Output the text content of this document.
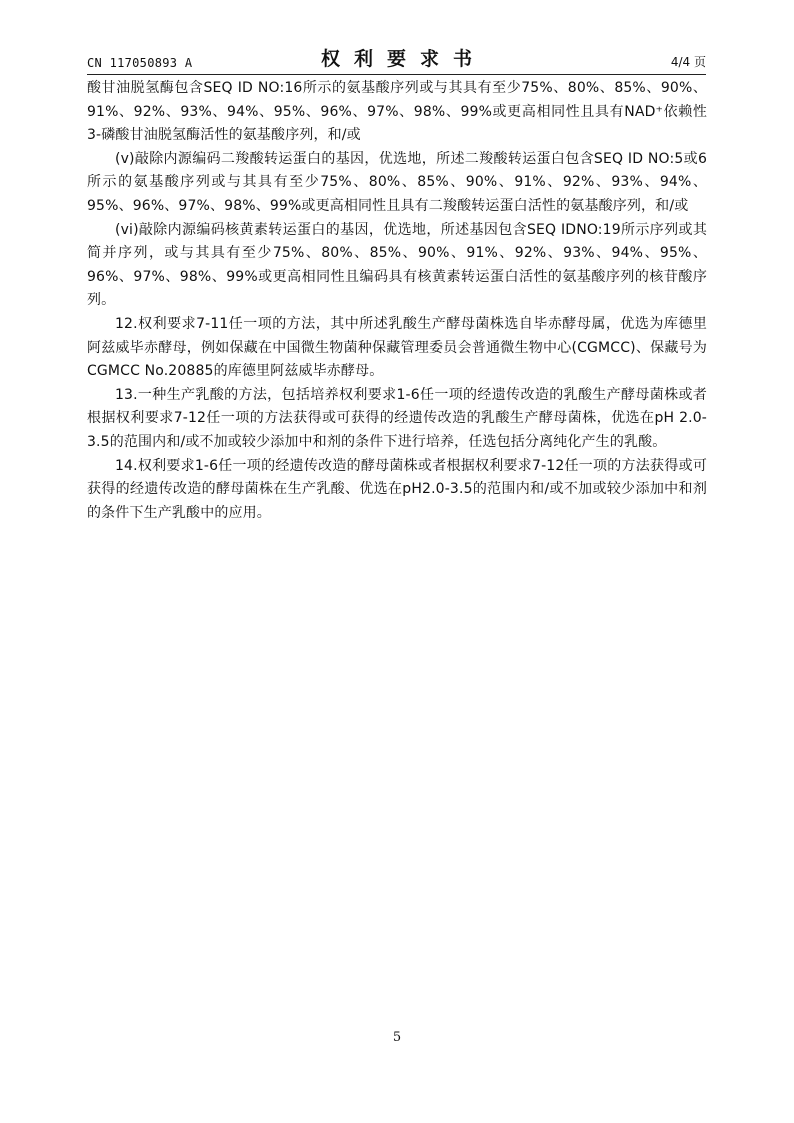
CN 117050893 A	权利要求书	4/4 页

酸甘油脱氢酶包含SEQ ID NO:16所示的氨基酸序列或与其具有至少75%、80%、85%、90%、91%、92%、93%、94%、95%、96%、97%、98%、99%或更高相同性且具有NAD⁺依赖性3-磷酸甘油脱氢酶活性的氨基酸序列，和/或

(v)敲除内源编码二羧酸转运蛋白的基因，优选地，所述二羧酸转运蛋白包含SEQ ID NO:5或6所示的氨基酸序列或与其具有至少75%、80%、85%、90%、91%、92%、93%、94%、95%、96%、97%、98%、99%或更高相同性且具有二羧酸转运蛋白活性的氨基酸序列，和/或

(vi)敲除内源编码核黄素转运蛋白的基因，优选地，所述基因包含SEQ IDNO:19所示序列或其简并序列，或与其具有至少75%、80%、85%、90%、91%、92%、93%、94%、95%、96%、97%、98%、99%或更高相同性且编码具有核黄素转运蛋白活性的氨基酸序列的核苷酸序列。

12.权利要求7-11任一项的方法，其中所述乳酸生产酵母菌株选自毕赤酵母属，优选为库德里阿兹威毕赤酵母，例如保藏在中国微生物菌种保藏管理委员会普通微生物中心(CGMCC)、保藏号为CGMCC No.20885的库德里阿兹威毕赤酵母。

13.一种生产乳酸的方法，包括培养权利要求1-6任一项的经遗传改造的乳酸生产酵母菌株或者根据权利要求7-12任一项的方法获得或可获得的经遗传改造的乳酸生产酵母菌株，优选在pH 2.0-3.5的范围内和/或不加或较少添加中和剂的条件下进行培养，任选包括分离纯化产生的乳酸。

14.权利要求1-6任一项的经遗传改造的酵母菌株或者根据权利要求7-12任一项的方法获得或可获得的经遗传改造的酵母菌株在生产乳酸、优选在pH2.0-3.5的范围内和/或不加或较少添加中和剂的条件下生产乳酸中的应用。

5
